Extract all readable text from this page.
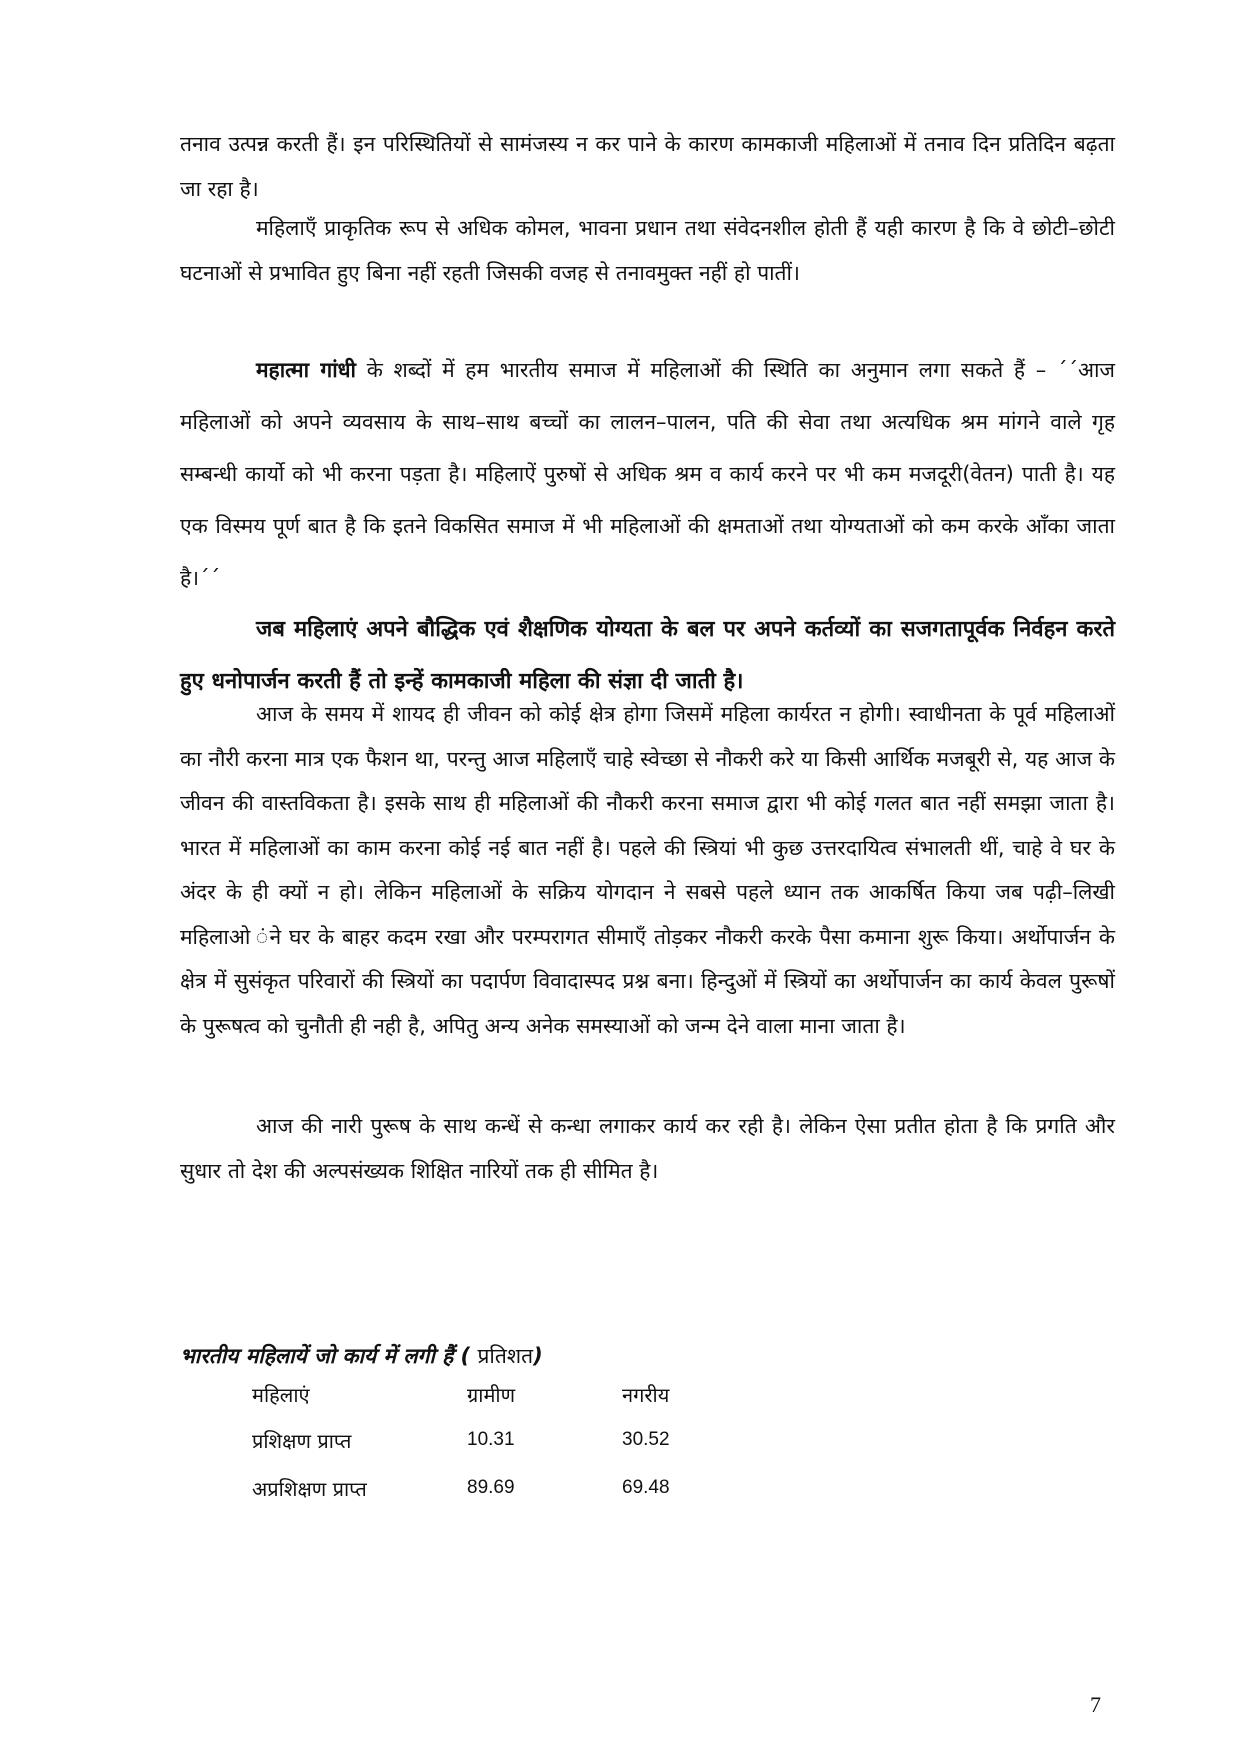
तनाव उत्पन्न करती हैं। इन परिस्थितियों से सामंजस्य न कर पाने के कारण कामकाजी महिलाओं में तनाव दिन प्रतिदिन बढ़ता जा रहा है।

महिलाएँ प्राकृतिक रूप से अधिक कोमल, भावना प्रधान तथा संवेदनशील होती हैं यही कारण है कि वे छोटी–छोटी घटनाओं से प्रभावित हुए बिना नहीं रहती जिसकी वजह से तनावमुक्त नहीं हो पातीं।

महात्मा गांधी के शब्दों में हम भारतीय समाज में महिलाओं की स्थिति का अनुमान लगा सकते हैं – ´´आज महिलाओं को अपने व्यवसाय के साथ–साथ बच्चों का लालन–पालन, पति की सेवा तथा अत्यधिक श्रम मांगने वाले गृह सम्बन्धी कार्यो को भी करना पड़ता है। महिलाऐं पुरुषों से अधिक श्रम व कार्य करने पर भी कम मजदूरी(वेतन) पाती है। यह एक विस्मय पूर्ण बात है कि इतने विकसित समाज में भी महिलाओं की क्षमताओं तथा योग्यताओं को कम करके आँका जाता है।´´

जब महिलाएं अपने बौद्धिक एवं शैक्षणिक योग्यता के बल पर अपने कर्तव्यों का सजगतापूर्वक निर्वहन करते हुए धनोपार्जन करती हैं तो इन्हें कामकाजी महिला की संज्ञा दी जाती है।

आज के समय में शायद ही जीवन को कोई क्षेत्र होगा जिसमें महिला कार्यरत न होगी। स्वाधीनता के पूर्व महिलाओं का नौरी करना मात्र एक फैशन था, परन्तु आज महिलाएँ चाहे स्वेच्छा से नौकरी करे या किसी आर्थिक मजबूरी से, यह आज के जीवन की वास्तविकता है। इसके साथ ही महिलाओं की नौकरी करना समाज द्वारा भी कोई गलत बात नहीं समझा जाता है। भारत में महिलाओं का काम करना कोई नई बात नहीं है। पहले की स्त्रियां भी कुछ उत्तरदायित्व संभालती थीं, चाहे वे घर के अंदर के ही क्यों न हो। लेकिन महिलाओं के सक्रिय योगदान ने सबसे पहले ध्यान तक आकर्षित किया जब पढ़ी–लिखी महिलाओ ंने घर के बाहर कदम रखा और परम्परागत सीमाएँ तोड़कर नौकरी करके पैसा कमाना शुरू किया। अर्थोपार्जन के क्षेत्र में सुसंकृत परिवारों की स्त्रियों का पदार्पण विवादास्पद प्रश्न बना। हिन्दुओं में स्त्रियों का अर्थोपार्जन का कार्य केवल पुरूषों के पुरूषत्व को चुनौती ही नही है, अपितु अन्य अनेक समस्याओं को जन्म देने वाला माना जाता है।

आज की नारी पुरूष के साथ कन्धें से कन्धा लगाकर कार्य कर रही है। लेकिन ऐसा प्रतीत होता है कि प्रगति और सुधार तो देश की अल्पसंख्यक शिक्षित नारियों तक ही सीमित है।

भारतीय महिलायें जो कार्य में लगी हैं ( प्रतिशत)

महिलाएं	ग्रामीण	नगरीय
प्रशिक्षण प्राप्त	10.31	30.52
अप्रशिक्षण प्राप्त	89.69	69.48

7
